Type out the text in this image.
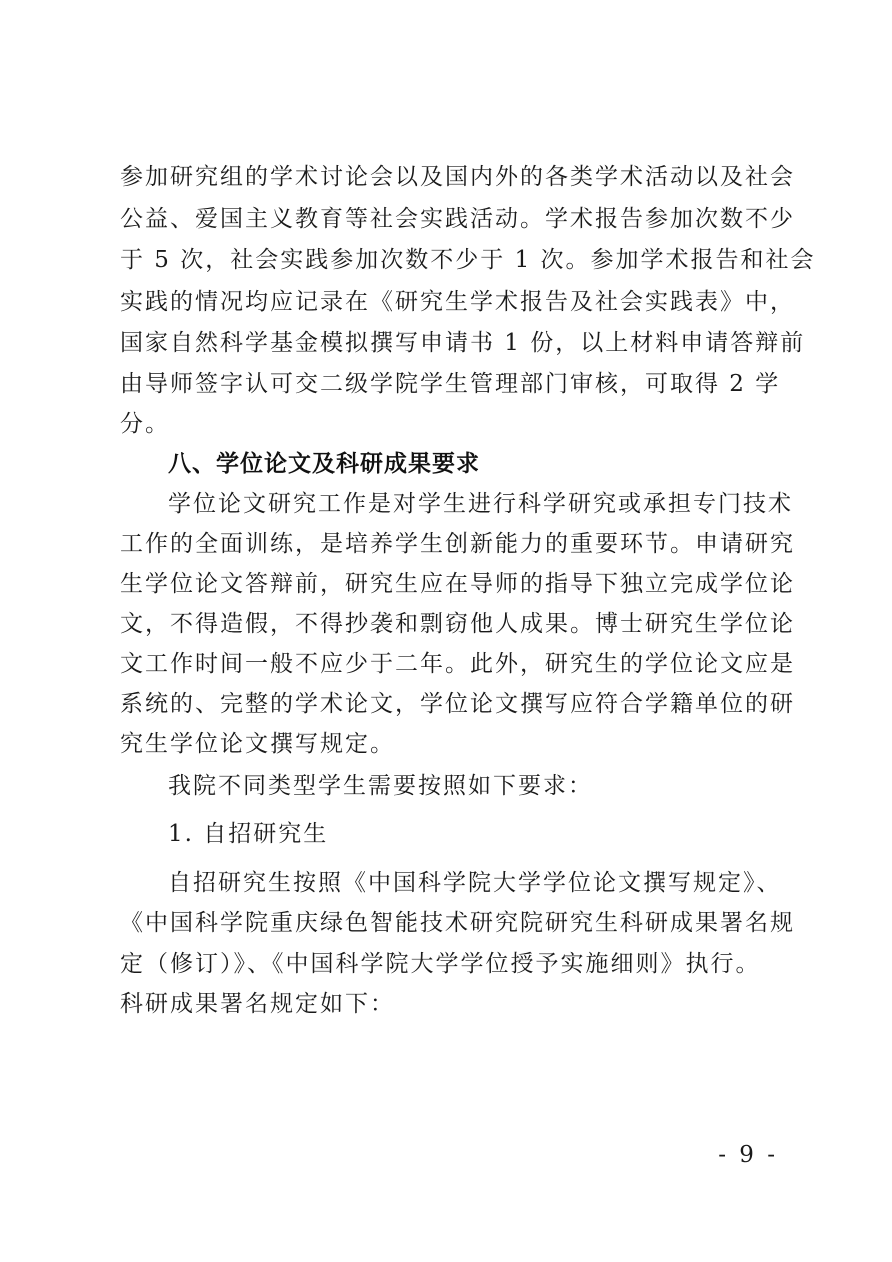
参加研究组的学术讨论会以及国内外的各类学术活动以及社会
公益、爱国主义教育等社会实践活动。学术报告参加次数不少
于 5 次，社会实践参加次数不少于 1 次。参加学术报告和社会
实践的情况均应记录在《研究生学术报告及社会实践表》中，
国家自然科学基金模拟撰写申请书 1 份，以上材料申请答辩前
由导师签字认可交二级学院学生管理部门审核，可取得 2 学
分。
八、学位论文及科研成果要求
学位论文研究工作是对学生进行科学研究或承担专门技术
工作的全面训练，是培养学生创新能力的重要环节。申请研究
生学位论文答辩前，研究生应在导师的指导下独立完成学位论
文，不得造假，不得抄袭和剽窃他人成果。博士研究生学位论
文工作时间一般不应少于二年。此外，研究生的学位论文应是
系统的、完整的学术论文，学位论文撰写应符合学籍单位的研
究生学位论文撰写规定。
我院不同类型学生需要按照如下要求：
1. 自招研究生
自招研究生按照《中国科学院大学学位论文撰写规定》、
《中国科学院重庆绿色智能技术研究院研究生科研成果署名规
定（修订）》、《中国科学院大学学位授予实施细则》执行。
科研成果署名规定如下：
- 9 -
